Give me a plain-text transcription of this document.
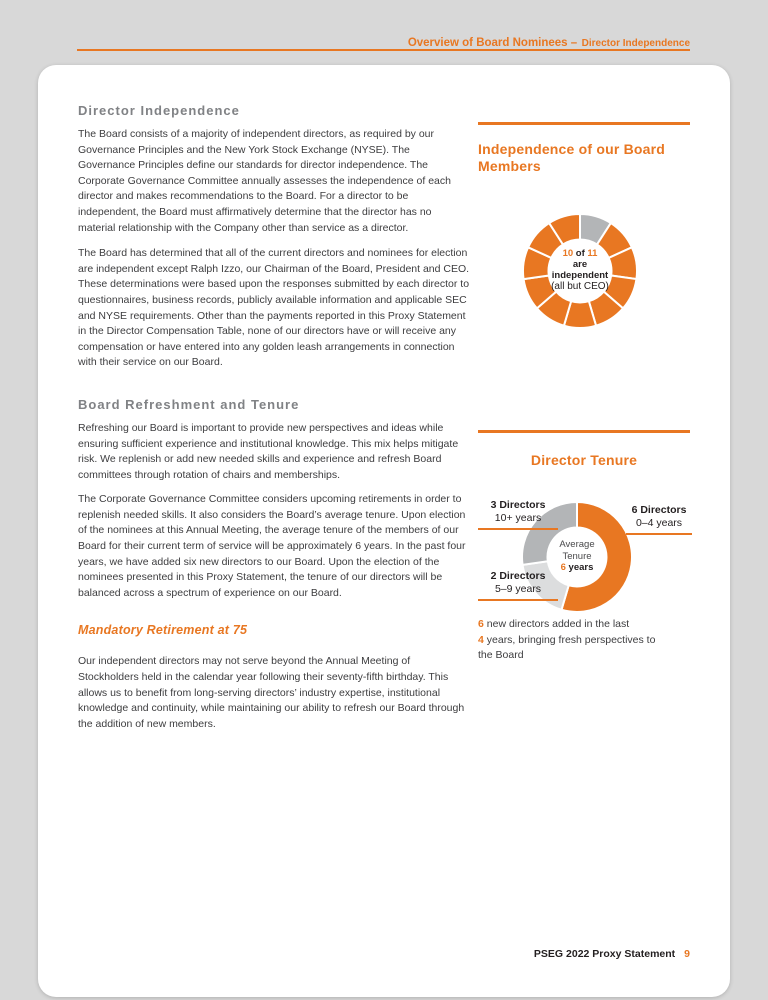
Overview of Board Nominees – Director Independence
Director Independence

The Board consists of a majority of independent directors, as required by our Governance Principles and the New York Stock Exchange (NYSE). The Governance Principles define our standards for director independence. The Corporate Governance Committee annually assesses the independence of each director and makes recommendations to the Board. For a director to be independent, the Board must affirmatively determine that the director has no material relationship with the Company other than service as a director.

The Board has determined that all of the current directors and nominees for election are independent except Ralph Izzo, our Chairman of the Board, President and CEO. These determinations were based upon the responses submitted by each director to questionnaires, business records, publicly available information and applicable SEC and NYSE requirements. Other than the payments reported in this Proxy Statement in the Director Compensation Table, none of our directors have or will receive any compensation or have entered into any golden leash arrangements in connection with their service on our Board.

Board Refreshment and Tenure

Refreshing our Board is important to provide new perspectives and ideas while ensuring sufficient experience and institutional knowledge. This mix helps mitigate risk. We replenish or add new needed skills and experience and refresh Board committees through rotation of chairs and memberships.

The Corporate Governance Committee considers upcoming retirements in order to replenish needed skills. It also considers the Board’s average tenure. Upon election of the nominees at this Annual Meeting, the average tenure of the members of our Board for their current term of service will be approximately 6 years. In the past four years, we have added six new directors to our Board. Upon the election of the nominees presented in this Proxy Statement, the tenure of our directors will be balanced across a spectrum of experience on our Board.

Mandatory Retirement at 75

Our independent directors may not serve beyond the Annual Meeting of Stockholders held in the calendar year following their seventy-fifth birthday. This allows us to benefit from long-serving directors’ industry expertise, institutional knowledge and continuity, while maintaining our ability to refresh our Board through the addition of new members.

Independence of our Board Members
10 of 11
are
independent
(all but CEO)
Director Tenure
Average
Tenure
6 years
3 Directors
10+ years
6 Directors
0–4 years
2 Directors
5–9 years
6 new directors added in the last
4 years, bringing fresh perspectives to
the Board
PSEG 2022 Proxy Statement 9
